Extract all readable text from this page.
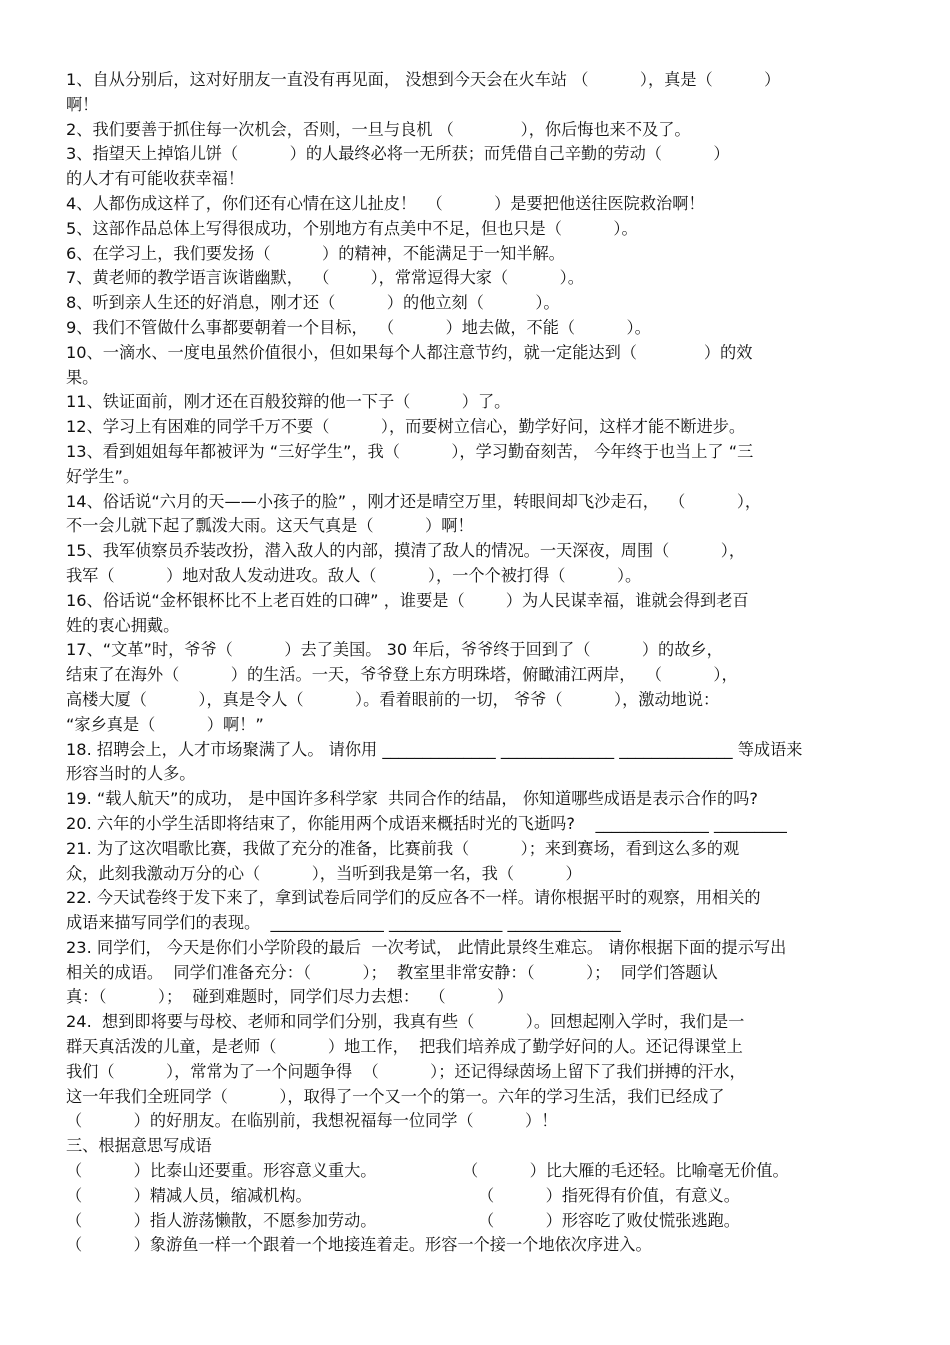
1、自从分别后，这对好朋友一直没有再见面， 没想到今天会在火车站 （          ），真是（          ）
啊！
2、我们要善于抓住每一次机会，否则，一旦与良机 （             ），你后悔也来不及了。
3、指望天上掉馅儿饼（          ）的人最终必将一无所获；而凭借自己辛勤的劳动（          ）
的人才有可能收获幸福！
4、人都伤成这样了，你们还有心情在这儿扯皮！  （          ）是要把他送往医院救治啊！
5、这部作品总体上写得很成功，个别地方有点美中不足，但也只是（          ）。
6、在学习上，我们要发扬（          ）的精神，不能满足于一知半解。
7、黄老师的教学语言诙谐幽默，  （        ），常常逗得大家（          ）。
8、听到亲人生还的好消息，刚才还（          ）的他立刻（          ）。
9、我们不管做什么事都要朝着一个目标，  （          ）地去做，不能（          ）。
10、一滴水、一度电虽然价值很小，但如果每个人都注意节约，就一定能达到（             ）的效
果。
11、铁证面前，刚才还在百般狡辩的他一下子（          ）了。
12、学习上有困难的同学千万不要（          ），而要树立信心，勤学好问，这样才能不断进步。
13、看到姐姐每年都被评为 “三好学生”，我（          ），学习勤奋刻苦， 今年终于也当上了 “三
好学生”。
14、俗话说“六月的天——小孩子的脸” ，刚才还是晴空万里，转眼间却飞沙走石，  （          ），
不一会儿就下起了瓢泼大雨。这天气真是（          ）啊！
15、我军侦察员乔装改扮，潜入敌人的内部，摸清了敌人的情况。一天深夜，周围（          ），
我军（          ）地对敌人发动进攻。敌人（          ），一个个被打得（          ）。
16、俗话说“金杯银杯比不上老百姓的口碑” ，谁要是（        ）为人民谋幸福，谁就会得到老百
姓的衷心拥戴。
17、“文革”时，爷爷（          ）去了美国。 30 年后，爷爷终于回到了（          ）的故乡，
结束了在海外（          ）的生活。一天，爷爷登上东方明珠塔，俯瞰浦江两岸，  （          ），
高楼大厦（          ），真是令人（          ）。看着眼前的一切， 爷爷（          ），激动地说：
“家乡真是（          ）啊！”
18. 招聘会上，人才市场聚满了人。 请你用 ______________ ______________ ______________ 等成语来
形容当时的人多。
19. “载人航天”的成功， 是中国许多科学家  共同合作的结晶， 你知道哪些成语是表示合作的吗?
20. 六年的小学生活即将结束了，你能用两个成语来概括时光的飞逝吗?    ______________ _________
21. 为了这次唱歌比赛，我做了充分的准备，比赛前我（          ）；来到赛场，看到这么多的观
众，此刻我激动万分的心（          ），当听到我是第一名，我（          ）
22. 今天试卷终于发下来了，拿到试卷后同学们的反应各不一样。请你根据平时的观察，用相关的
成语来描写同学们的表现。  ______________ ______________ ______________
23. 同学们， 今天是你们小学阶段的最后  一次考试， 此情此景终生难忘。 请你根据下面的提示写出
相关的成语。  同学们准备充分：（          ）；  教室里非常安静：（          ）；  同学们答题认
真：（          ）；  碰到难题时，同学们尽力去想：  （          ）
24.  想到即将要与母校、老师和同学们分别，我真有些（          ）。回想起刚入学时，我们是一
群天真活泼的儿童，是老师（          ）地工作，  把我们培养成了勤学好问的人。还记得课堂上
我们（          ），常常为了一个问题争得  （          ）；还记得绿茵场上留下了我们拼搏的汗水，
这一年我们全班同学（          ），取得了一个又一个的第一。六年的学习生活，我们已经成了
（          ）的好朋友。在临别前，我想祝福每一位同学（          ）！
三、根据意思写成语
（          ）比泰山还要重。形容意义重大。	（          ）比大雁的毛还轻。比喻毫无价值。
（          ）精减人员，缩减机构。	（          ）指死得有价值，有意义。
（          ）指人游荡懒散，不愿参加劳动。	（          ）形容吃了败仗慌张逃跑。
（          ）象游鱼一样一个跟着一个地接连着走。形容一个接一个地依次序进入。
